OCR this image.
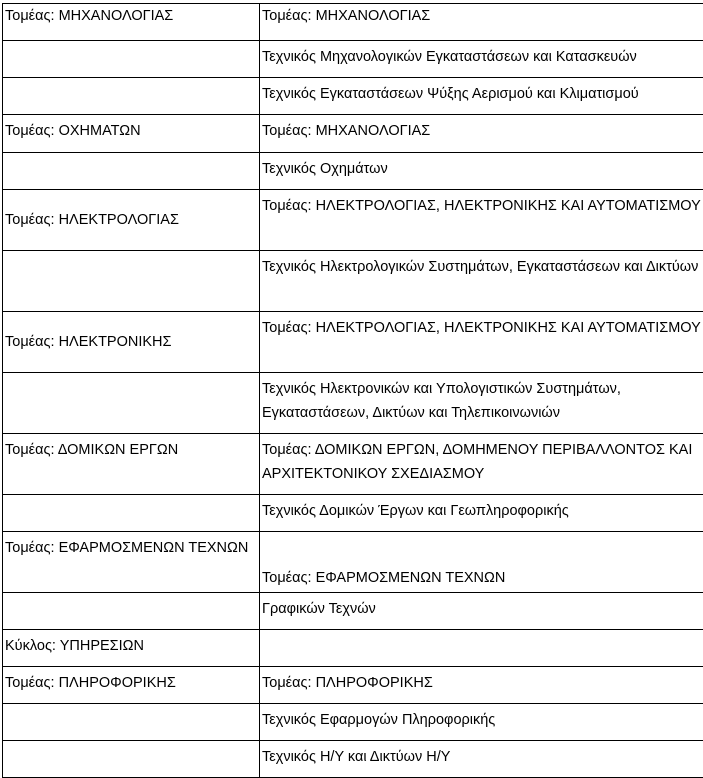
Τομέας: ΜΗΧΑΝΟΛΟΓΙΑΣ	Τομέας: ΜΗΧΑΝΟΛΟΓΙΑΣ
	Τεχνικός Μηχανολογικών Εγκαταστάσεων και Κατασκευών
	Τεχνικός Εγκαταστάσεων Ψύξης Αερισμού και Κλιματισμού
Τομέας: ΟΧΗΜΑΤΩΝ	Τομέας: ΜΗΧΑΝΟΛΟΓΙΑΣ
	Τεχνικός Οχημάτων
Τομέας: ΗΛΕΚΤΡΟΛΟΓΙΑΣ	Τομέας: ΗΛΕΚΤΡΟΛΟΓΙΑΣ, ΗΛΕΚΤΡΟΝΙΚΗΣ ΚΑΙ ΑΥΤΟΜΑΤΙΣΜΟΥ
	Τεχνικός Ηλεκτρολογικών Συστημάτων, Εγκαταστάσεων και Δικτύων
Τομέας: ΗΛΕΚΤΡΟΝΙΚΗΣ	Τομέας: ΗΛΕΚΤΡΟΛΟΓΙΑΣ, ΗΛΕΚΤΡΟΝΙΚΗΣ ΚΑΙ ΑΥΤΟΜΑΤΙΣΜΟΥ
	Τεχνικός Ηλεκτρονικών και Υπολογιστικών Συστημάτων, Εγκαταστάσεων, Δικτύων και Τηλεπικοινωνιών
Τομέας: ΔΟΜΙΚΩΝ ΕΡΓΩΝ	Τομέας: ΔΟΜΙΚΩΝ ΕΡΓΩΝ, ΔΟΜΗΜΕΝΟΥ ΠΕΡΙΒΑΛΛΟΝΤΟΣ ΚΑΙ ΑΡΧΙΤΕΚΤΟΝΙΚΟΥ ΣΧΕΔΙΑΣΜΟΥ
	Τεχνικός Δομικών Έργων και Γεωπληροφορικής
Τομέας: ΕΦΑΡΜΟΣΜΕΝΩΝ ΤΕΧΝΩΝ	Τομέας: ΕΦΑΡΜΟΣΜΕΝΩΝ ΤΕΧΝΩΝ
	Γραφικών Τεχνών
Κύκλος: ΥΠΗΡΕΣΙΩΝ	
Τομέας: ΠΛΗΡΟΦΟΡΙΚΗΣ	Τομέας: ΠΛΗΡΟΦΟΡΙΚΗΣ
	Τεχνικός Εφαρμογών Πληροφορικής
	Τεχνικός Η/Υ και Δικτύων Η/Υ
